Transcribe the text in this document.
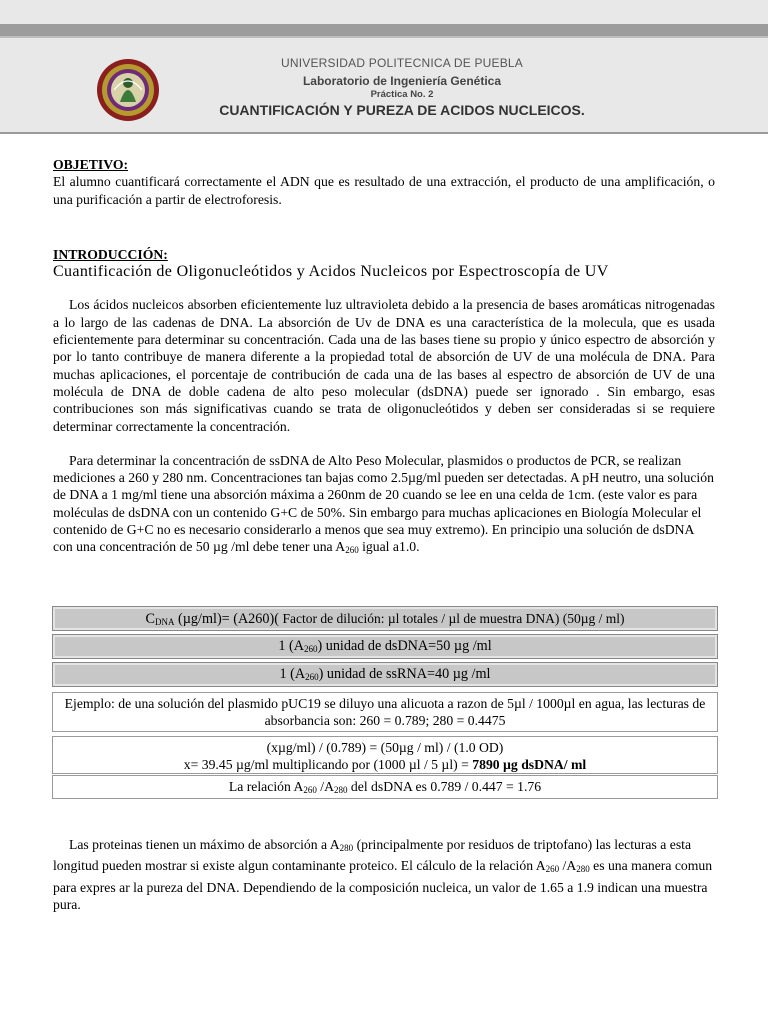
UNIVERSIDAD POLITECNICA DE PUEBLA
Laboratorio de Ingeniería Genética
Práctica No. 2
CUANTIFICACIÓN Y PUREZA DE ACIDOS NUCLEICOS.
OBJETIVO:
El alumno cuantificará correctamente el ADN que es resultado de una extracción, el producto de una amplificación, o una purificación a partir de electroforesis.
INTRODUCCIÓN:
Cuantificación de Oligonucleótidos y Acidos Nucleicos por Espectroscopía de UV
Los ácidos nucleicos absorben eficientemente luz ultravioleta debido a la presencia de bases aromáticas nitrogenadas a lo largo de las cadenas de DNA. La absorción de Uv de DNA es una característica de la molecula, que es usada eficientemente para determinar su concentración. Cada una de las bases tiene su propio y único espectro de absorción y por lo tanto contribuye de manera diferente a la propiedad total de absorción de UV de una molécula de DNA. Para muchas aplicaciones, el porcentaje de contribución de cada una de las bases al espectro de absorción de UV de una molécula de DNA de doble cadena de alto peso molecular (dsDNA) puede ser ignorado . Sin embargo, esas contribuciones son más significativas cuando se trata de oligonucleótidos y deben ser consideradas si se requiere determinar correctamente la concentración.
Para determinar la concentración de ssDNA de Alto Peso Molecular, plasmidos o productos de PCR, se realizan mediciones a 260 y 280 nm. Concentraciones tan bajas como 2.5µg/ml pueden ser detectadas. A pH neutro, una solución de DNA a 1 mg/ml tiene una absorción máxima a 260nm de 20 cuando se lee en una celda de 1cm. (este valor es para moléculas de dsDNA con un contenido G+C de 50%. Sin embargo para muchas aplicaciones en Biología Molecular el contenido de G+C no es necesario considerarlo a menos que sea muy extremo). En principio una solución de dsDNA con una concentración de 50 µg /ml debe tener una $A_{260}$ igual a1.0.
$C_{DNA}$ (µg/ml)= (A260)( Factor de dilución: µl totales / µl de muestra DNA) (50µg / ml)
1 $(A_{260})$ unidad de dsDNA=50 µg /ml
1 $(A_{260})$ unidad de ssRNA=40 µg /ml
Ejemplo: de una solución del plasmido pUC19 se diluyo una alicuota a razon de 5µl / 1000µl en agua, las lecturas de absorbancia son: 260 = 0.789; 280 = 0.4475
(xµg/ml) / (0.789) = (50µg / ml) / (1.0 OD)
x= 39.45 µg/ml multiplicando por (1000 µl / 5 µl) = 7890 µg dsDNA/ ml
La relación $A_{260}$ $/A_{280}$ del dsDNA es 0.789 / 0.447 = 1.76
Las proteinas tienen un máximo de absorción a $A_{280}$ (principalmente por residuos de triptofano) las lecturas a esta longitud pueden mostrar si existe algun contaminante proteico. El cálculo de la relación $A_{260}$ $/A_{280}$ es una manera comun para expres ar la pureza del DNA. Dependiendo de la composición nucleica, un valor de 1.65 a 1.9 indican una muestra pura.
